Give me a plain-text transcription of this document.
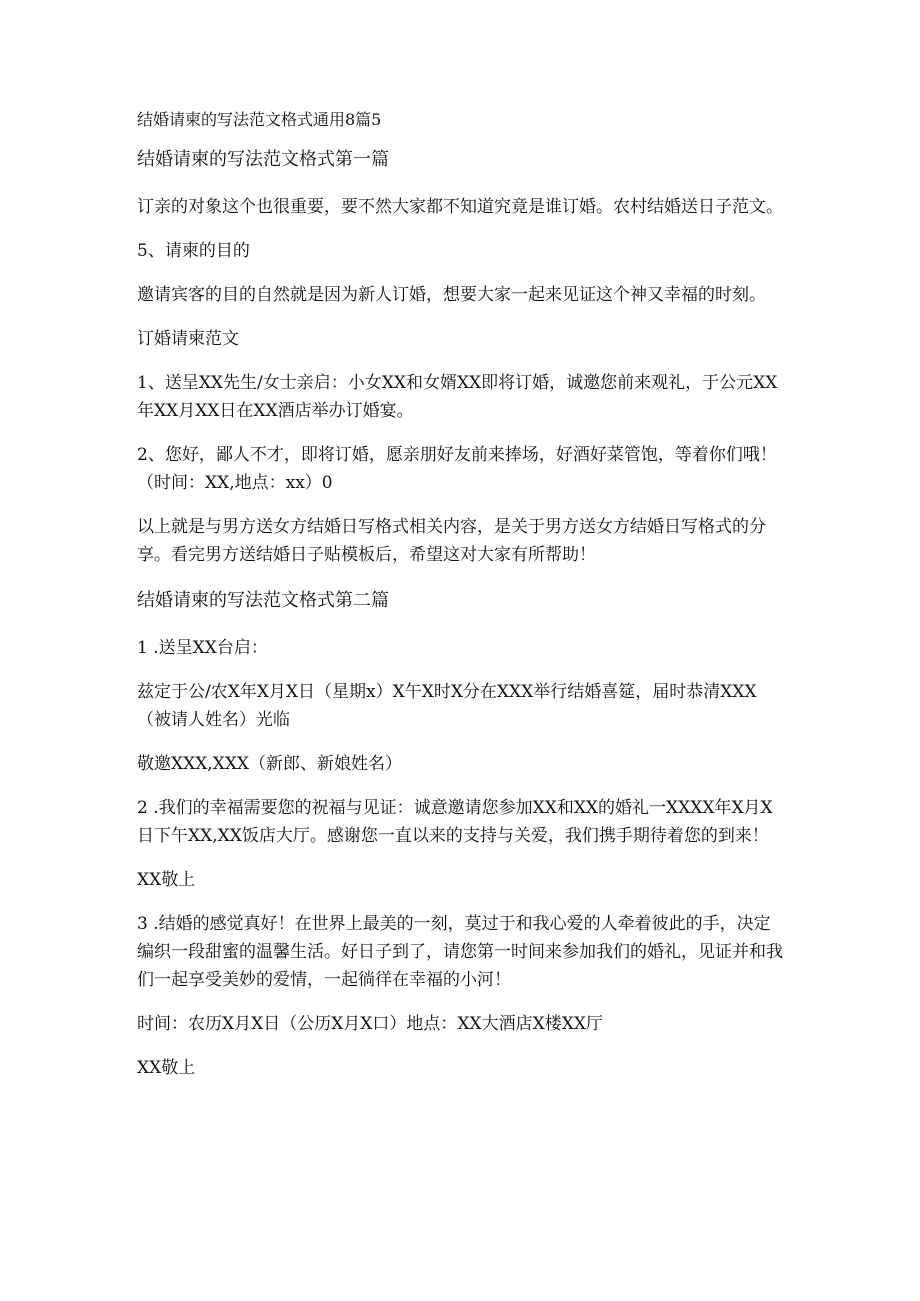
结婚请柬的写法范文格式通用8篇5

结婚请柬的写法范文格式第一篇

订亲的对象这个也很重要，要不然大家都不知道究竟是谁订婚。农村结婚送日子范文。

5、请柬的目的

邀请宾客的目的自然就是因为新人订婚，想要大家一起来见证这个神又幸福的时刻。

订婚请柬范文

1、送呈XX先生/女士亲启：小女XX和女婿XX即将订婚，诚邀您前来观礼，于公元XX年XX月XX日在XX酒店举办订婚宴。

2、您好，鄙人不才，即将订婚，愿亲朋好友前来捧场，好酒好菜管饱，等着你们哦！（时间：XX,地点：xx）0

以上就是与男方送女方结婚日写格式相关内容，是关于男方送女方结婚日写格式的分享。看完男方送结婚日子贴模板后，希望这对大家有所帮助！

结婚请柬的写法范文格式第二篇

1 .送呈XX台启：

兹定于公/农X年X月X日（星期x）X午X时X分在XXX举行结婚喜筵，届时恭清XXX（被请人姓名）光临

敬邀XXX,XXX（新郎、新娘姓名）

2 .我们的幸福需要您的祝福与见证：诚意邀请您参加XX和XX的婚礼一XXXX年X月X日下午XX,XX饭店大厅。感谢您一直以来的支持与关爱，我们携手期待着您的到来！

XX敬上

3 .结婚的感觉真好！在世界上最美的一刻，莫过于和我心爱的人牵着彼此的手，决定编织一段甜蜜的温馨生活。好日子到了，请您第一时间来参加我们的婚礼，见证并和我们一起享受美妙的爱情，一起徜徉在幸福的小河！

时间：农历X月X日（公历X月X口）地点：XX大酒店X楼XX厅

XX敬上
